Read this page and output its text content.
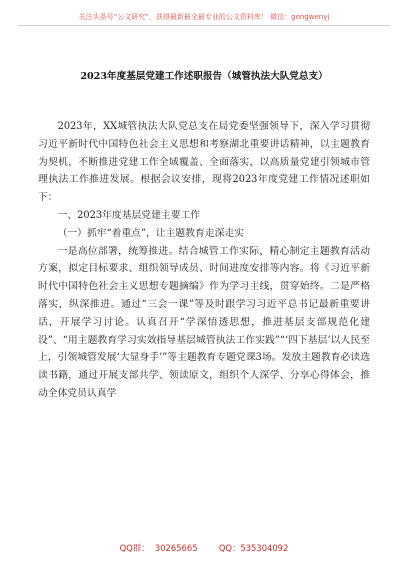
关注头条号“公文研究”，获得最新最全最专业的公文资料库！ 微信：gongwenyj
2023年度基层党建工作述职报告（城管执法大队党总支）

2023年，XX城管执法大队党总支在局党委坚强领导下，深入学习贯彻习近平新时代中国特色社会主义思想和考察湖北重要讲话精神，以主题教育为契机，不断推进党建工作全域覆盖、全面落实，以高质量党建引领城市管理执法工作推进发展。根据会议安排，现将2023年度党建工作情况述职如下：

一、2023年度基层党建主要工作

（一）抓牢“着重点”，让主题教育走深走实

一是高位部署，统筹推进。结合城管工作实际，精心制定主题教育活动方案，拟定目标要求、组织领导成员、时间进度安排等内容。将《习近平新时代中国特色社会主义思想专题摘编》作为学习主线，贯穿始终。二是严格落实，纵深推进。通过“三会一课”等及时跟学习习近平总书记最新重要讲话，开展学习讨论。认真召开“学深悟透思想，推进基层支部规范化建设”、“用主题教育学习实效指导基层城管执法工作实践”“‘四下基层’以人民至上，引领城管发展‘大显身手’”等主题教育专题党课3场。发放主题教育必读选读书籍，通过开展支部共学、领读原文，组织个人深学、分享心得体会，推动全体党员认真学

QQ群：  30265665        QQ：535304092
